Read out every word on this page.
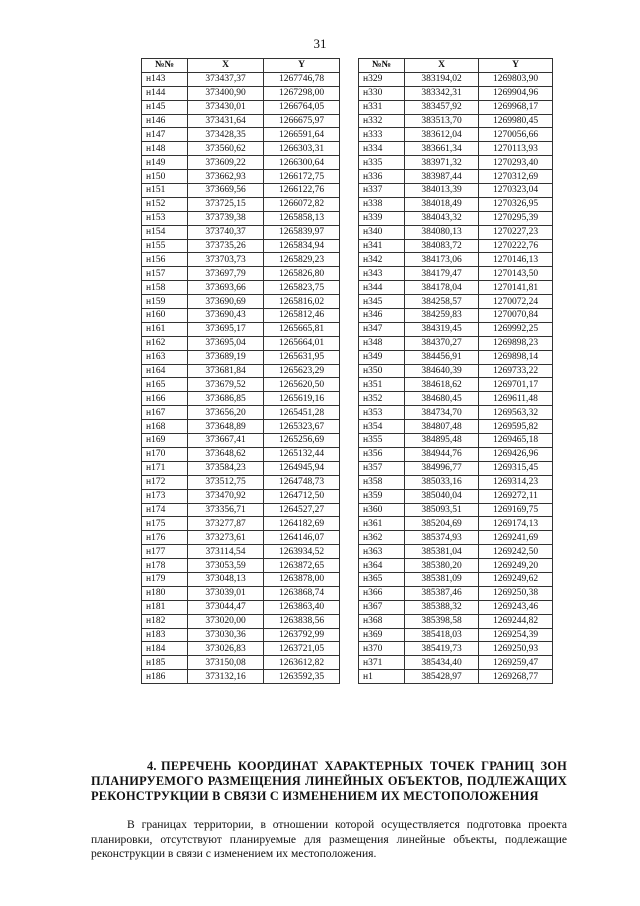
31
№№	X	Y
н143	373437,37	1267746,78
н144	373400,90	1267298,00
н145	373430,01	1266764,05
н146	373431,64	1266675,97
н147	373428,35	1266591,64
н148	373560,62	1266303,31
н149	373609,22	1266300,64
н150	373662,93	1266172,75
н151	373669,56	1266122,76
н152	373725,15	1266072,82
н153	373739,38	1265858,13
н154	373740,37	1265839,97
н155	373735,26	1265834,94
н156	373703,73	1265829,23
н157	373697,79	1265826,80
н158	373693,66	1265823,75
н159	373690,69	1265816,02
н160	373690,43	1265812,46
н161	373695,17	1265665,81
н162	373695,04	1265664,01
н163	373689,19	1265631,95
н164	373681,84	1265623,29
н165	373679,52	1265620,50
н166	373686,85	1265619,16
н167	373656,20	1265451,28
н168	373648,89	1265323,67
н169	373667,41	1265256,69
н170	373648,62	1265132,44
н171	373584,23	1264945,94
н172	373512,75	1264748,73
н173	373470,92	1264712,50
н174	373356,71	1264527,27
н175	373277,87	1264182,69
н176	373273,61	1264146,07
н177	373114,54	1263934,52
н178	373053,59	1263872,65
н179	373048,13	1263878,00
н180	373039,01	1263868,74
н181	373044,47	1263863,40
н182	373020,00	1263838,56
н183	373030,36	1263792,99
н184	373026,83	1263721,05
н185	373150,08	1263612,82
н186	373132,16	1263592,35
№№	X	Y
н329	383194,02	1269803,90
н330	383342,31	1269904,96
н331	383457,92	1269968,17
н332	383513,70	1269980,45
н333	383612,04	1270056,66
н334	383661,34	1270113,93
н335	383971,32	1270293,40
н336	383987,44	1270312,69
н337	384013,39	1270323,04
н338	384018,49	1270326,95
н339	384043,32	1270295,39
н340	384080,13	1270227,23
н341	384083,72	1270222,76
н342	384173,06	1270146,13
н343	384179,47	1270143,50
н344	384178,04	1270141,81
н345	384258,57	1270072,24
н346	384259,83	1270070,84
н347	384319,45	1269992,25
н348	384370,27	1269898,23
н349	384456,91	1269898,14
н350	384640,39	1269733,22
н351	384618,62	1269701,17
н352	384680,45	1269611,48
н353	384734,70	1269563,32
н354	384807,48	1269595,82
н355	384895,48	1269465,18
н356	384944,76	1269426,96
н357	384996,77	1269315,45
н358	385033,16	1269314,23
н359	385040,04	1269272,11
н360	385093,51	1269169,75
н361	385204,69	1269174,13
н362	385374,93	1269241,69
н363	385381,04	1269242,50
н364	385380,20	1269249,20
н365	385381,09	1269249,62
н366	385387,46	1269250,38
н367	385388,32	1269243,46
н368	385398,58	1269244,82
н369	385418,03	1269254,39
н370	385419,73	1269250,93
н371	385434,40	1269259,47
н1	385428,97	1269268,77
4. ПЕРЕЧЕНЬ КООРДИНАТ ХАРАКТЕРНЫХ ТОЧЕК ГРАНИЦ ЗОН ПЛАНИРУЕМОГО РАЗМЕЩЕНИЯ ЛИНЕЙНЫХ ОБЪЕКТОВ, ПОДЛЕЖАЩИХ РЕКОНСТРУКЦИИ В СВЯЗИ С ИЗМЕНЕНИЕМ ИХ МЕСТОПОЛОЖЕНИЯ

В границах территории, в отношении которой осуществляется подготовка проекта планировки, отсутствуют планируемые для размещения линейные объекты, подлежащие реконструкции в связи с изменением их местоположения.
